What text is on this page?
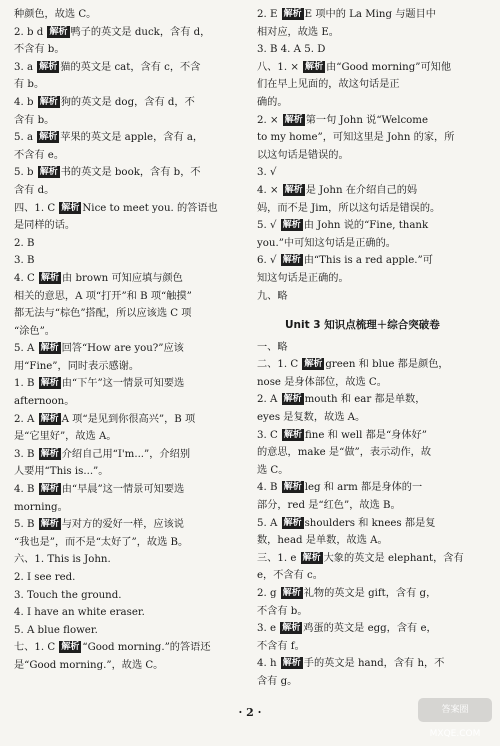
种颜色，故选 C。
2. b d 解析 鸭子的英文是 duck，含有 d，
不含有 b。
3. a 解析 猫的英文是 cat，含有 c，不含
有 b。
4. b 解析 狗的英文是 dog，含有 d，不
含有 b。
5. a 解析 苹果的英文是 apple，含有 a，
不含有 e。
5. b 解析 书的英文是 book，含有 b，不
含有 d。
四、1. C 解析 Nice to meet you. 的答语也
是同样的话。
2. B
3. B
4. C 解析 由 brown 可知应填与颜色
相关的意思，A 项“打开”和 B 项“触摸”
都无法与“棕色”搭配，所以应该选 C 项
“涂色”。
5. A 解析 回答“How are you?”应该
用“Fine”，同时表示感谢。
1. B 解析 由“下午”这一情景可知要选
afternoon。
2. A 解析 A 项“是见到你很高兴”，B 项
是“它里好”，故选 A。
3. B 解析 介绍自己用“I'm...”，介绍别
人要用“This is...”。
4. B 解析 由“早晨”这一情景可知要选
morning。
5. B 解析 与对方的爱好一样，应该说
“我也是”，而不是“太好了”，故选 B。
六、1. This is John.
2. I see red.
3. Touch the ground.
4. I have an white eraser.
5. A blue flower.
七、1. C 解析 “Good morning.”的答语还
是“Good morning.”，故选 C。
2. E 解析 E 项中的 La Ming 与题目中
相对应，故选 E。
3. B 4. A 5. D
八、1. × 解析 由“Good morning”可知他
们在早上见面的，故这句话是正
确的。
2. × 解析 第一句 John 说“Welcome
to my home”，可知这里是 John 的家，所
以这句话是错误的。
3. √
4. × 解析 是 John 在介绍自己的妈
妈，而不是 Jim，所以这句话是错误的。
5. √ 解析 由 John 说的“Fine, thank
you.”中可知这句话是正确的。
6. √ 解析 由“This is a red apple.”可
知这句话是正确的。
九、略
Unit 3 知识点梳理＋综合突破卷
一、略
二、1. C 解析 green 和 blue 都是颜色，
nose 是身体部位，故选 C。
2. A 解析 mouth 和 ear 都是单数，
eyes 是复数，故选 A。
3. C 解析 fine 和 well 都是“身体好”
的意思，make 是“做”，表示动作，故
选 C。
4. B 解析 leg 和 arm 都是身体的一
部分，red 是“红色”，故选 B。
5. A 解析 shoulders 和 knees 都是复
数，head 是单数，故选 A。
三、1. e 解析 大象的英文是 elephant，含有
e，不含有 c。
2. g 解析 礼物的英文是 gift，含有 g，
不含有 b。
3. e 解析 鸡蛋的英文是 egg，含有 e，
不含有 f。
4. h 解析 手的英文是 hand，含有 h，不
含有 g。
· 2 ·	答案圈 MXQE.COM
